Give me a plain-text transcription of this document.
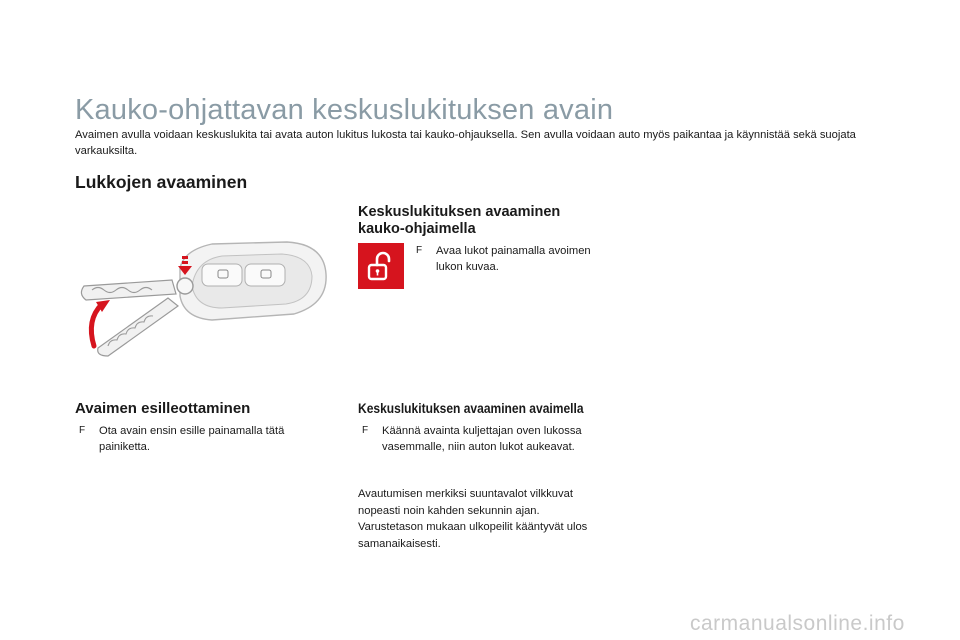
Kauko-ohjattavan keskuslukituksen avain
Avaimen avulla voidaan keskuslukita tai avata auton lukitus lukosta tai kauko-ohjauksella. Sen avulla voidaan auto myös paikantaa ja käynnistää sekä suojata varkauksilta.
Lukkojen avaaminen
Keskuslukituksen avaaminen
kauko-ohjaimella
F Avaa lukot painamalla avoimen
lukon kuvaa.
Avaimen esilleottaminen
F Ota avain ensin esille painamalla tätä
painiketta.
Keskuslukituksen avaaminen avaimella
F Käännä avainta kuljettajan oven lukossa
vasemmalle, niin auton lukot aukeavat.
Avautumisen merkiksi suuntavalot vilkkuvat
nopeasti noin kahden sekunnin ajan.
Varustetason mukaan ulkopeilit kääntyvät ulos
samanaikaisesti.
carmanualsonline.info
